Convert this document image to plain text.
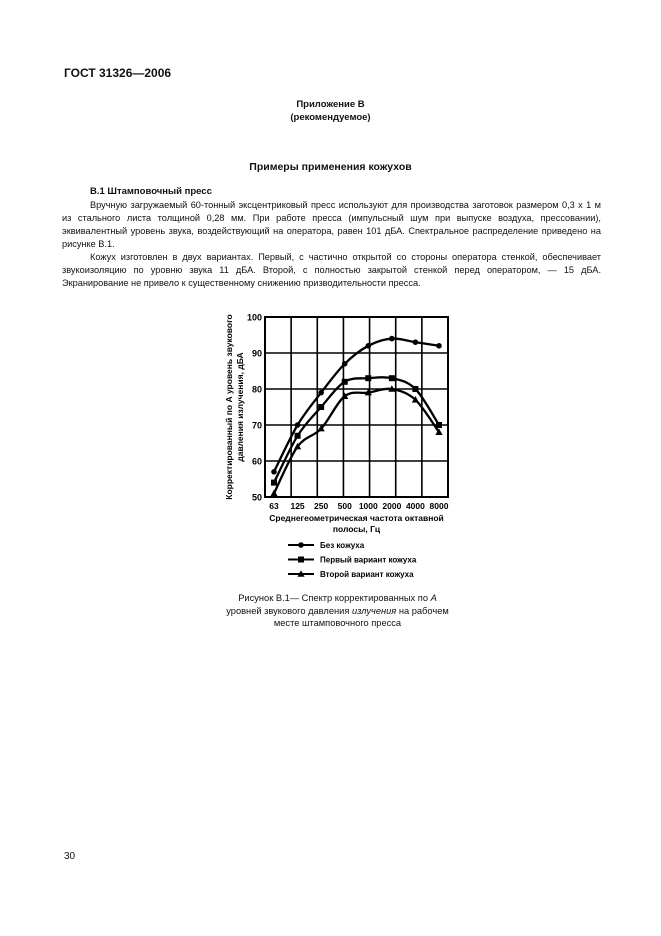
ГОСТ 31326—2006
Приложение В
(рекомендуемое)
Примеры применения кожухов
В.1 Штамповочный пресс
Вручную загружаемый 60-тонный эксцентриковый пресс используют для производства заготовок размером 0,3 х 1 м из стального листа толщиной 0,28 мм. При работе пресса (импульсный шум при выпуске воздуха, прессовании), эквивалентный уровень звука, воздействующий на оператора, равен 101 дБА. Спектральное распределение приведено на рисунке В.1.
Кожух изготовлен в двух вариантах. Первый, с частично открытой со стороны оператора стенкой, обеспечивает звукоизоляцию по уровню звука 11 дБА. Второй, с полностью закрытой стенкой перед оператором, — 15 дБА. Экранирование не привело к существенному снижению призводительности пресса.
50
60
70
80
90
100
63 125 250 500 1000 2000 4000 8000
Среднегеометрическая частота октавной
полосы, Гц
Корректированный по А уровень звукового давления излучения, дБА
Без кожуха
Первый вариант кожуха
Второй вариант кожуха
Рисунок В.1— Спектр корректированных по А уровней звукового давления излучения на рабочем месте штамповочного пресса
30
